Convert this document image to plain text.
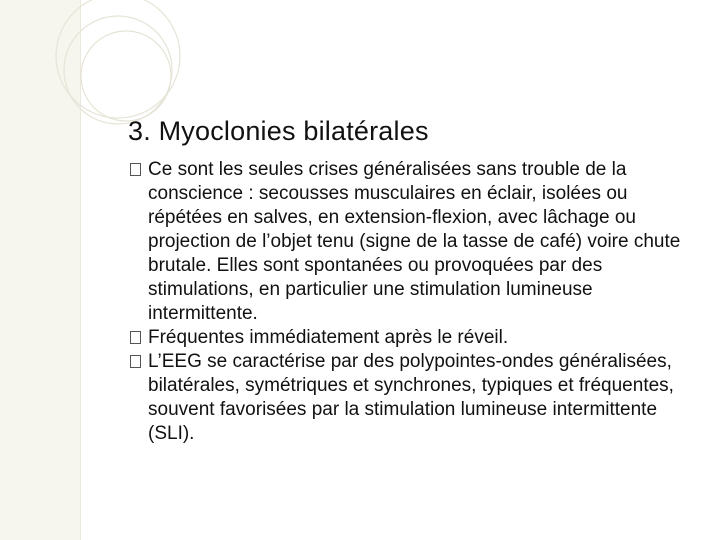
3. Myoclonies bilatérales
Ce sont les seules crises généralisées sans trouble de la conscience : secousses musculaires en éclair, isolées ou répétées en salves, en extension-flexion, avec lâchage ou projection de l’objet tenu (signe de la tasse de café) voire chute brutale. Elles sont spontanées ou provoquées par des stimulations, en particulier une stimulation lumineuse intermittente.
Fréquentes immédiatement après le réveil.
L’EEG se caractérise par des polypointes-ondes généralisées, bilatérales, symétriques et synchrones, typiques et fréquentes, souvent favorisées par la stimulation lumineuse intermittente (SLI).
